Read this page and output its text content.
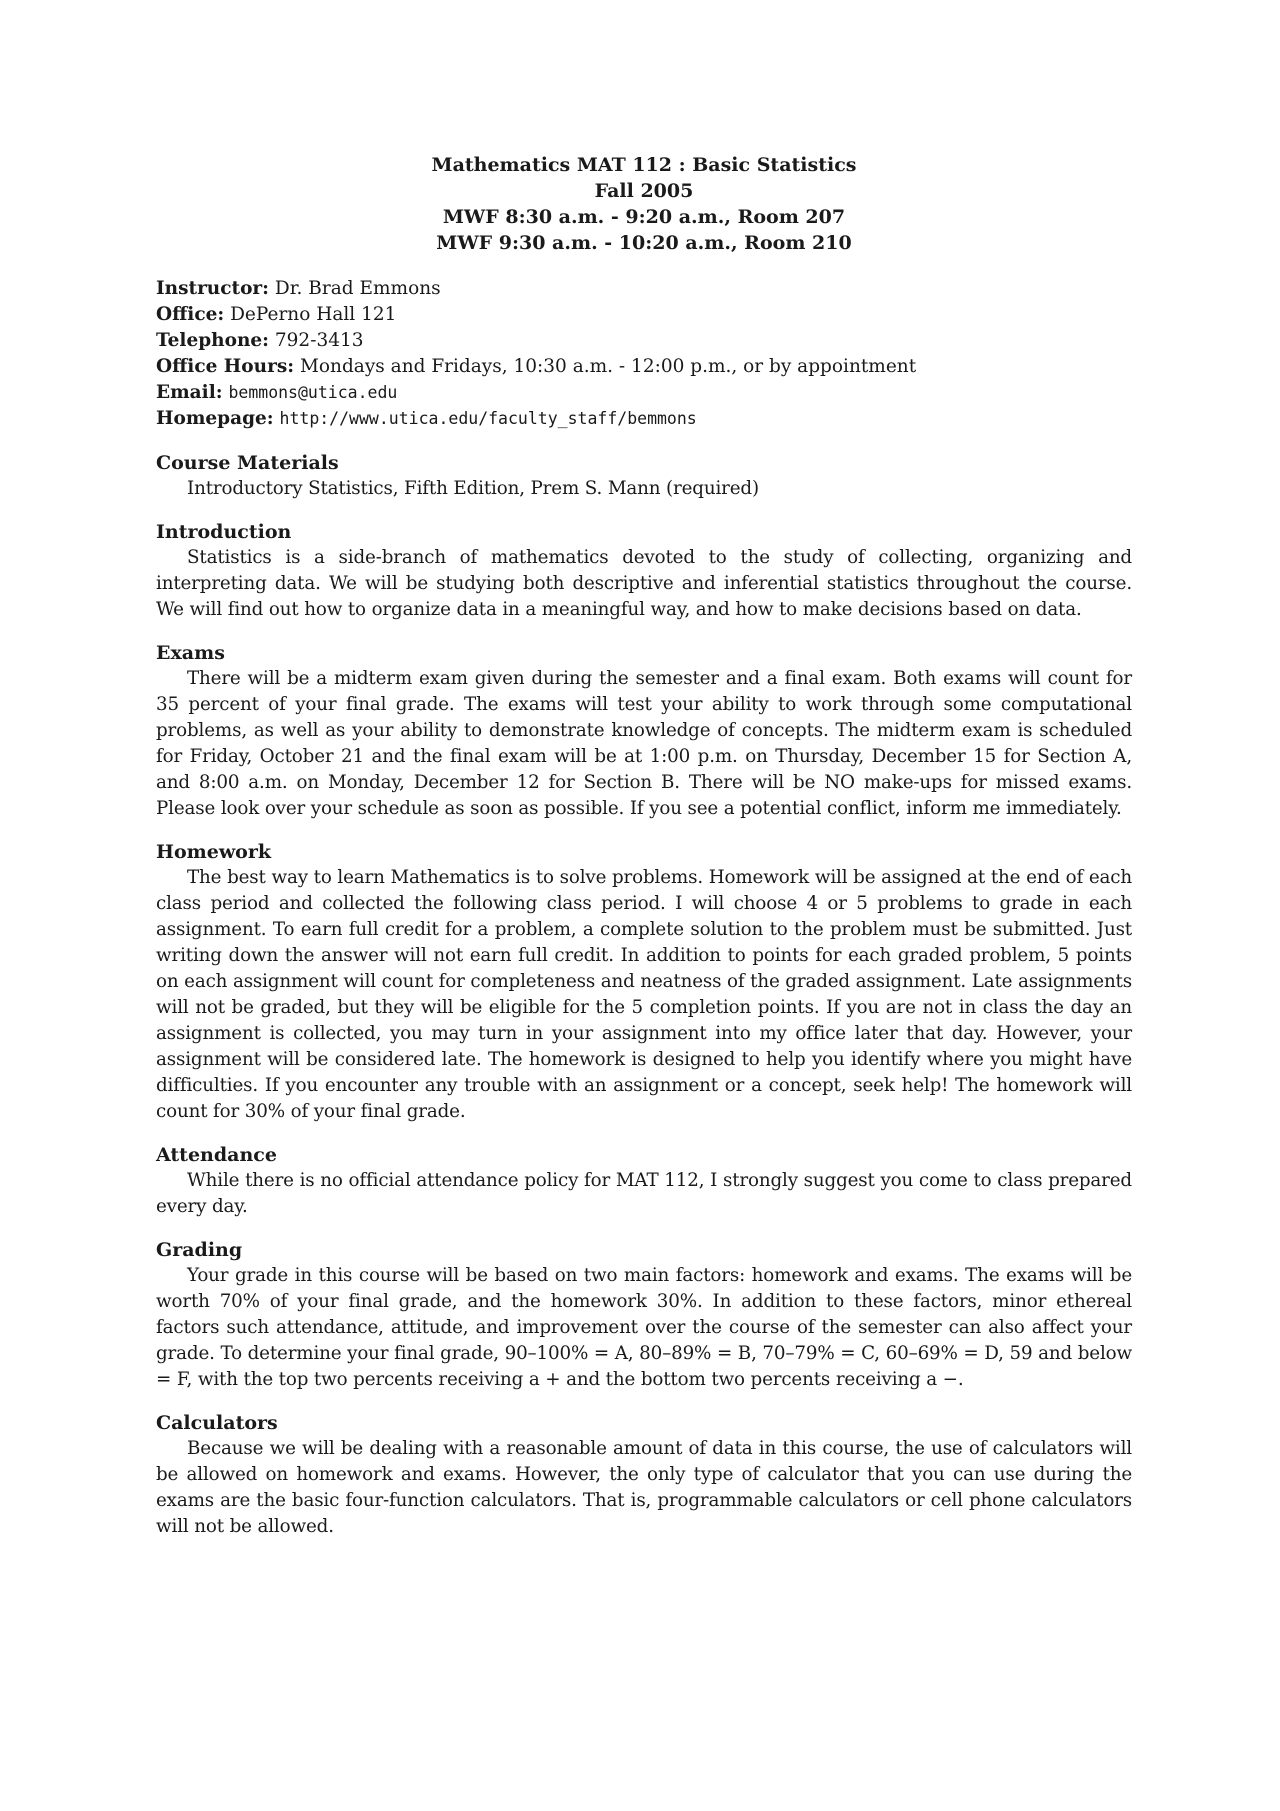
Mathematics MAT 112 : Basic Statistics
Fall 2005
MWF 8:30 a.m. - 9:20 a.m., Room 207
MWF 9:30 a.m. - 10:20 a.m., Room 210
Instructor: Dr. Brad Emmons
Office: DePerno Hall 121
Telephone: 792-3413
Office Hours: Mondays and Fridays, 10:30 a.m. - 12:00 p.m., or by appointment
Email: bemmons@utica.edu
Homepage: http://www.utica.edu/faculty_staff/bemmons
Course Materials

Introductory Statistics, Fifth Edition, Prem S. Mann (required)

Introduction

Statistics is a side-branch of mathematics devoted to the study of collecting, organizing and interpreting data. We will be studying both descriptive and inferential statistics throughout the course. We will find out how to organize data in a meaningful way, and how to make decisions based on data.

Exams

There will be a midterm exam given during the semester and a final exam. Both exams will count for 35 percent of your final grade. The exams will test your ability to work through some computational problems, as well as your ability to demonstrate knowledge of concepts. The midterm exam is scheduled for Friday, October 21 and the final exam will be at 1:00 p.m. on Thursday, December 15 for Section A, and 8:00 a.m. on Monday, December 12 for Section B. There will be NO make-ups for missed exams. Please look over your schedule as soon as possible. If you see a potential conflict, inform me immediately.

Homework

The best way to learn Mathematics is to solve problems. Homework will be assigned at the end of each class period and collected the following class period. I will choose 4 or 5 problems to grade in each assignment. To earn full credit for a problem, a complete solution to the problem must be submitted. Just writing down the answer will not earn full credit. In addition to points for each graded problem, 5 points on each assignment will count for completeness and neatness of the graded assignment. Late assignments will not be graded, but they will be eligible for the 5 completion points. If you are not in class the day an assignment is collected, you may turn in your assignment into my office later that day. However, your assignment will be considered late. The homework is designed to help you identify where you might have difficulties. If you encounter any trouble with an assignment or a concept, seek help! The homework will count for 30% of your final grade.

Attendance

While there is no official attendance policy for MAT 112, I strongly suggest you come to class prepared every day.

Grading

Your grade in this course will be based on two main factors: homework and exams. The exams will be worth 70% of your final grade, and the homework 30%. In addition to these factors, minor ethereal factors such attendance, attitude, and improvement over the course of the semester can also affect your grade. To determine your final grade, 90–100% = A, 80–89% = B, 70–79% = C, 60–69% = D, 59 and below = F, with the top two percents receiving a + and the bottom two percents receiving a −.

Calculators

Because we will be dealing with a reasonable amount of data in this course, the use of calculators will be allowed on homework and exams. However, the only type of calculator that you can use during the exams are the basic four-function calculators. That is, programmable calculators or cell phone calculators will not be allowed.
